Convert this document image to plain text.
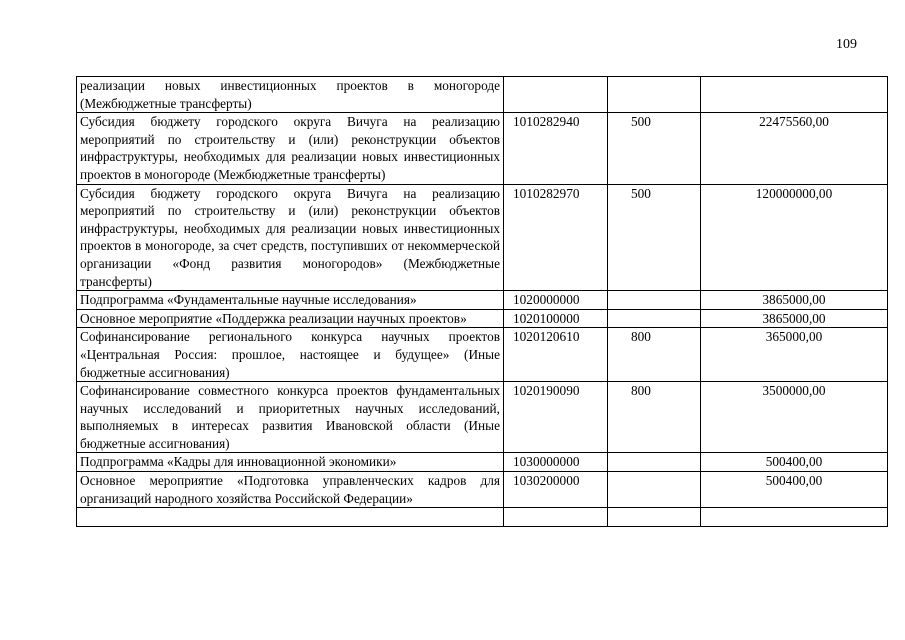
109
реализации новых инвестиционных проектов в моногороде (Межбюджетные трансферты)			
Субсидия бюджету городского округа Вичуга на реализацию мероприятий по строительству и (или) реконструкции объектов инфраструктуры, необходимых для реализации новых инвестиционных проектов в моногороде (Межбюджетные трансферты)	1010282940	500	22475560,00
Субсидия бюджету городского округа Вичуга на реализацию мероприятий по строительству и (или) реконструкции объектов инфраструктуры, необходимых для реализации новых инвестиционных проектов в моногороде, за счет средств, поступивших от некоммерческой организации «Фонд развития моногородов» (Межбюджетные трансферты)	1010282970	500	120000000,00
Подпрограмма «Фундаментальные научные исследования»	1020000000		3865000,00
Основное мероприятие «Поддержка реализации научных проектов»	1020100000		3865000,00
Софинансирование регионального конкурса научных проектов «Центральная Россия: прошлое, настоящее и будущее» (Иные бюджетные ассигнования)	1020120610	800	365000,00
Софинансирование совместного конкурса проектов фундаментальных научных исследований и приоритетных научных исследований, выполняемых в интересах развития Ивановской области (Иные бюджетные ассигнования)	1020190090	800	3500000,00
Подпрограмма «Кадры для инновационной экономики»	1030000000		500400,00
Основное мероприятие «Подготовка управленческих кадров для организаций народного хозяйства Российской Федерации»	1030200000		500400,00
